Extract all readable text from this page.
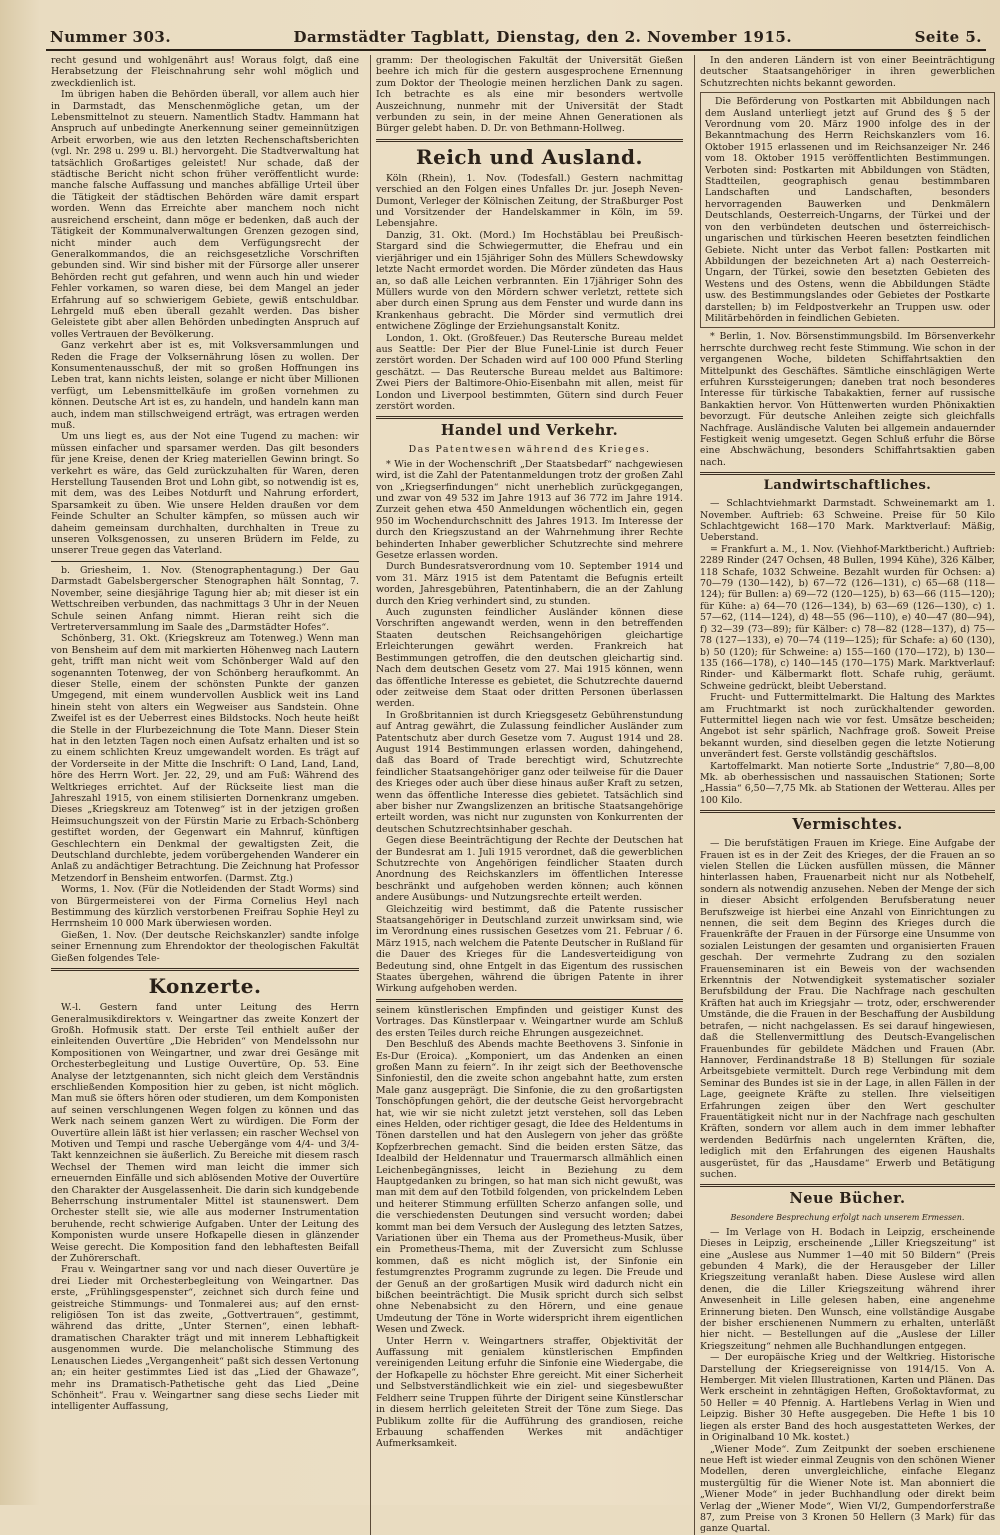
Nummer 303.	Darmstädter Tagblatt, Dienstag, den 2. November 1915.	Seite 5.

recht gesund und wohlgenährt aus! Woraus folgt, daß eine Herabsetzung der Fleischnahrung sehr wohl möglich und zweckdienlich ist.

Im übrigen haben die Behörden überall, vor allem auch hier in Darmstadt, das Menschenmögliche getan, um der Lebensmittelnot zu steuern. Namentlich Stadtv. Hammann hat Anspruch auf unbedingte Anerkennung seiner gemeinnützigen Arbeit erworben, wie aus den letzten Rechenschaftsberichten (vgl. Nr. 298 u. 299 u. Bl.) hervorgeht. Die Stadtverwaltung hat tatsächlich Großartiges geleistet! Nur schade, daß der städtische Bericht nicht schon früher veröffentlicht wurde: manche falsche Auffassung und manches abfällige Urteil über die Tätigkeit der städtischen Behörden wäre damit erspart worden. Wenn das Erreichte aber manchem noch nicht ausreichend erscheint, dann möge er bedenken, daß auch der Tätigkeit der Kommunalverwaltungen Grenzen gezogen sind, nicht minder auch dem Verfügungsrecht der Generalkommandos, die an reichsgesetzliche Vorschriften gebunden sind. Wir sind bisher mit der Fürsorge aller unserer Behörden recht gut gefahren, und wenn auch hin und wieder Fehler vorkamen, so waren diese, bei dem Mangel an jeder Erfahrung auf so schwierigem Gebiete, gewiß entschuldbar. Lehrgeld muß eben überall gezahlt werden. Das bisher Geleistete gibt aber allen Behörden unbedingten Anspruch auf volles Vertrauen der Bevölkerung.

Ganz verkehrt aber ist es, mit Volksversammlungen und Reden die Frage der Volksernährung lösen zu wollen. Der Konsumentenausschuß, der mit so großen Hoffnungen ins Leben trat, kann nichts leisten, solange er nicht über Millionen verfügt, um Lebensmittelkäufe im großen vornehmen zu können. Deutsche Art ist es, zu handeln, und handeln kann man auch, indem man stillschweigend erträgt, was ertragen werden muß.

Um uns liegt es, aus der Not eine Tugend zu machen: wir müssen einfacher und sparsamer werden. Das gilt besonders für jene Kreise, denen der Krieg materiellen Gewinn bringt. So verkehrt es wäre, das Geld zurückzuhalten für Waren, deren Herstellung Tausenden Brot und Lohn gibt, so notwendig ist es, mit dem, was des Leibes Notdurft und Nahrung erfordert, Sparsamkeit zu üben. Wie unsere Helden draußen vor dem Feinde Schulter an Schulter kämpfen, so müssen auch wir daheim gemeinsam durchhalten, durchhalten in Treue zu unseren Volksgenossen, zu unseren Brüdern im Felde, zu unserer Treue gegen das Vaterland.

b. Griesheim, 1. Nov. (Stenographentagung.) Der Gau Darmstadt Gabelsbergerscher Stenographen hält Sonntag, 7. November, seine diesjährige Tagung hier ab; mit dieser ist ein Wettschreiben verbunden, das nachmittags 3 Uhr in der Neuen Schule seinen Anfang nimmt. Hieran reiht sich die Vertreterversammlung im Saale des „Darmstädter Hofes“.

Schönberg, 31. Okt. (Kriegskreuz am Totenweg.) Wenn man von Bensheim auf dem mit markierten Höhenweg nach Lautern geht, trifft man nicht weit vom Schönberger Wald auf den sogenannten Totenweg, der von Schönberg heraufkommt. An dieser Stelle, einem der schönsten Punkte der ganzen Umgegend, mit einem wundervollen Ausblick weit ins Land hinein steht von alters ein Wegweiser aus Sandstein. Ohne Zweifel ist es der Ueberrest eines Bildstocks. Noch heute heißt die Stelle in der Flurbezeichnung die Tote Mann. Dieser Stein hat in den letzten Tagen noch einen Aufsatz erhalten und ist so zu einem schlichten Kreuz umgewandelt worden. Es trägt auf der Vorderseite in der Mitte die Inschrift: O Land, Land, Land, höre des Herrn Wort. Jer. 22, 29, und am Fuß: Während des Weltkrieges errichtet. Auf der Rückseite liest man die Jahreszahl 1915, von einem stilisierten Dornenkranz umgeben. Dieses „Kriegskreuz am Totenweg“ ist in der jetzigen großen Heimsuchungszeit von der Fürstin Marie zu Erbach-Schönberg gestiftet worden, der Gegenwart ein Mahnruf, künftigen Geschlechtern ein Denkmal der gewaltigsten Zeit, die Deutschland durchlebte, jedem vorübergehenden Wanderer ein Anlaß zu andächtiger Betrachtung. Die Zeichnung hat Professor Metzendorf in Bensheim entworfen. (Darmst. Ztg.)

Worms, 1. Nov. (Für die Notleidenden der Stadt Worms) sind von Bürgermeisterei von der Firma Cornelius Heyl nach Bestimmung des kürzlich verstorbenen Freifrau Sophie Heyl zu Herrnsheim 10 000 Mark überwiesen worden.

Gießen, 1. Nov. (Der deutsche Reichskanzler) sandte infolge seiner Ernennung zum Ehrendoktor der theologischen Fakultät Gießen folgendes Tele-

Konzerte.

W.-l. Gestern fand unter Leitung des Herrn Generalmusikdirektors v. Weingartner das zweite Konzert der Großh. Hofmusik statt. Der erste Teil enthielt außer der einleitenden Ouvertüre „Die Hebriden“ von Mendelssohn nur Kompositionen von Weingartner, und zwar drei Gesänge mit Orchesterbegleitung und Lustige Ouvertüre, Op. 53. Eine Analyse der letztgenannten, sich nicht gleich dem Verständnis erschließenden Komposition hier zu geben, ist nicht möglich. Man muß sie öfters hören oder studieren, um dem Komponisten auf seinen verschlungenen Wegen folgen zu können und das Werk nach seinem ganzen Wert zu würdigen. Die Form der Ouvertüre allein läßt ist hier verlassen; ein rascher Wechsel von Motiven und Tempi und rasche Uebergänge vom 4/4- und 3/4-Takt kennzeichnen sie äußerlich. Zu Bereiche mit diesem rasch Wechsel der Themen wird man leicht die immer sich erneuernden Einfälle und sich ablösenden Motive der Ouvertüre den Charakter der Ausgelassenheit. Die darin sich kundgebende Beherrschung instrumentaler Mittel ist staunenswert. Dem Orchester stellt sie, wie alle aus moderner Instrumentation beruhende, recht schwierige Aufgaben. Unter der Leitung des Komponisten wurde unsere Hofkapelle diesen in glänzender Weise gerecht. Die Komposition fand den lebhaftesten Beifall der Zuhörerschaft.

Frau v. Weingartner sang vor und nach dieser Ouvertüre je drei Lieder mit Orchesterbegleitung von Weingartner. Das erste, „Frühlingsgespenster“, zeichnet sich durch feine und geistreiche Stimmungs- und Tonmalerei aus; auf den ernst-religiösen Ton ist das zweite, „Gottvertrauen“, gestimmt, während das dritte, „Unter Sternen“, einen lebhaft-dramatischen Charakter trägt und mit innerem Lebhaftigkeit ausgenommen wurde. Die melancholische Stimmung des Lenauschen Liedes „Vergangenheit“ paßt sich dessen Vertonung an; ein heiter gestimmtes Lied ist das „Lied der Ghawaze“, mehr ins Dramatisch-Pathetische geht das Lied „Deine Schönheit“. Frau v. Weingartner sang diese sechs Lieder mit intelligenter Auffassung,

gramm: Der theologischen Fakultät der Universität Gießen beehre ich mich für die gestern ausgesprochene Ernennung zum Doktor der Theologie meinen herzlichen Dank zu sagen. Ich betrachte es als eine mir besonders wertvolle Auszeichnung, nunmehr mit der Universität der Stadt verbunden zu sein, in der meine Ahnen Generationen als Bürger gelebt haben. D. Dr. von Bethmann-Hollweg.

Reich und Ausland.

Köln (Rhein), 1. Nov. (Todesfall.) Gestern nachmittag verschied an den Folgen eines Unfalles Dr. jur. Joseph Neven-Dumont, Verleger der Kölnischen Zeitung, der Straßburger Post und Vorsitzender der Handelskammer in Köln, im 59. Lebensjahre.

Danzig, 31. Okt. (Mord.) Im Hochstäblau bei Preußisch-Stargard sind die Schwiegermutter, die Ehefrau und ein vierjähriger und ein 15jähriger Sohn des Müllers Schewdowsky letzte Nacht ermordet worden. Die Mörder zündeten das Haus an, so daß alle Leichen verbrannten. Ein 17jähriger Sohn des Müllers wurde von den Mördern schwer verletzt, rettete sich aber durch einen Sprung aus dem Fenster und wurde dann ins Krankenhaus gebracht. Die Mörder sind vermutlich drei entwichene Zöglinge der Erziehungsanstalt Konitz.

London, 1. Okt. (Großfeuer.) Das Reutersche Bureau meldet aus Seattle: Der Pier der Blue Funel-Linie ist durch Feuer zerstört worden. Der Schaden wird auf 100 000 Pfund Sterling geschätzt. — Das Reutersche Bureau meldet aus Baltimore: Zwei Piers der Baltimore-Ohio-Eisenbahn mit allen, meist für London und Liverpool bestimmten, Gütern sind durch Feuer zerstört worden.

Handel und Verkehr.
Das Patentwesen während des Krieges.

* Wie in der Wochenschrift „Der Staatsbedarf“ nachgewiesen wird, ist die Zahl der Patentanmeldungen trotz der großen Zahl von „Kriegserfindungen“ nicht unerheblich zurückgegangen, und zwar von 49 532 im Jahre 1913 auf 36 772 im Jahre 1914. Zurzeit gehen etwa 450 Anmeldungen wöchentlich ein, gegen 950 im Wochendurchschnitt des Jahres 1913. Im Interesse der durch den Kriegszustand an der Wahrnehmung ihrer Rechte behinderten Inhaber gewerblicher Schutzrechte sind mehrere Gesetze erlassen worden.

Durch Bundesratsverordnung vom 10. September 1914 und vom 31. März 1915 ist dem Patentamt die Befugnis erteilt worden, Jahresgebühren, Patentinhabern, die an der Zahlung durch den Krieg verhindert sind, zu stunden.

Auch zugunsten feindlicher Ausländer können diese Vorschriften angewandt werden, wenn in den betreffenden Staaten deutschen Reichsangehörigen gleichartige Erleichterungen gewährt werden. Frankreich hat Bestimmungen getroffen, die den deutschen gleichartig sind. Nach dem deutschen Gesetz vom 27. Mai 1915 können, wenn das öffentliche Interesse es gebietet, die Schutzrechte dauernd oder zeitweise dem Staat oder dritten Personen überlassen werden.

In Großbritannien ist durch Kriegsgesetz Gebührenstundung auf Antrag gewährt, die Zulassung feindlicher Ausländer zum Patentschutz aber durch Gesetze vom 7. August 1914 und 28. August 1914 Bestimmungen erlassen worden, dahingehend, daß das Board of Trade berechtigt wird, Schutzrechte feindlicher Staatsangehöriger ganz oder teilweise für die Dauer des Krieges oder auch über diese hinaus außer Kraft zu setzen, wenn das öffentliche Interesse dies gebietet. Tatsächlich sind aber bisher nur Zwangslizenzen an britische Staatsangehörige erteilt worden, was nicht nur zugunsten von Konkurrenten der deutschen Schutzrechtsinhaber geschah.

Gegen diese Beeinträchtigung der Rechte der Deutschen hat der Bundesrat am 1. Juli 1915 verordnet, daß die gewerblichen Schutzrechte von Angehörigen feindlicher Staaten durch Anordnung des Reichskanzlers im öffentlichen Interesse beschränkt und aufgehoben werden können; auch können andere Ausübungs- und Nutzungsrechte erteilt werden.

Gleichzeitig wird bestimmt, daß die Patente russischer Staatsangehöriger in Deutschland zurzeit unwirksam sind, wie im Verordnung eines russischen Gesetzes vom 21. Februar / 6. März 1915, nach welchem die Patente Deutscher in Rußland für die Dauer des Krieges für die Landesverteidigung von Bedeutung sind, ohne Entgelt in das Eigentum des russischen Staates übergehen, während die übrigen Patente in ihrer Wirkung aufgehoben werden.

seinem künstlerischen Empfinden und geistiger Kunst des Vortrages. Das Künstlerpaar v. Weingartner wurde am Schluß des ersten Teiles durch reiche Ehrungen ausgezeichnet.

Den Beschluß des Abends machte Beethovens 3. Sinfonie in Es-Dur (Eroica). „Komponiert, um das Andenken an einen großen Mann zu feiern“. In ihr zeigt sich der Beethovensche Sinfoniestil, den die zweite schon angebahnt hatte, zum ersten Male ganz ausgeprägt. Die Sinfonie, die zu den großartigsten Tonschöpfungen gehört, die der deutsche Geist hervorgebracht hat, wie wir sie nicht zuletzt jetzt verstehen, soll das Leben eines Helden, oder richtiger gesagt, die Idee des Heldentums in Tönen darstellen und hat den Auslegern von jeher das größte Kopfzerbrechen gemacht. Sind die beiden ersten Sätze, das Idealbild der Heldennatur und Trauermarsch allmählich einen Leichenbegängnisses, leicht in Beziehung zu dem Hauptgedanken zu bringen, so hat man sich nicht gewußt, was man mit dem auf den Totbild folgenden, von prickelndem Leben und heiterer Stimmung erfüllten Scherzo anfangen solle, und die verschiedensten Deutungen sind versucht worden; dabei kommt man bei dem Versuch der Auslegung des letzten Satzes, Variationen über ein Thema aus der Prometheus-Musik, über ein Prometheus-Thema, mit der Zuversicht zum Schlusse kommen, daß es nicht möglich ist, der Sinfonie ein festumgrenztes Programm zugrunde zu legen. Die Freude und der Genuß an der großartigen Musik wird dadurch nicht ein bißchen beeinträchtigt. Die Musik spricht durch sich selbst ohne Nebenabsicht zu den Hörern, und eine genaue Umdeutung der Töne in Worte widerspricht ihrem eigentlichen Wesen und Zweck.

Unter Herrn v. Weingartners straffer, Objektivität der Auffassung mit genialem künstlerischen Empfinden vereinigenden Leitung erfuhr die Sinfonie eine Wiedergabe, die der Hofkapelle zu höchster Ehre gereicht. Mit einer Sicherheit und Selbstverständlichkeit wie ein ziel- und siegesbewußter Feldherr seine Truppen führte der Dirigent seine Künstlerschar in diesem herrlich geleiteten Streit der Töne zum Siege. Das Publikum zollte für die Aufführung des grandiosen, reiche Erbauung schaffenden Werkes mit andächtiger Aufmerksamkeit.

In den anderen Ländern ist von einer Beeinträchtigung deutscher Staatsangehöriger in ihren gewerblichen Schutzrechten nichts bekannt geworden.

Die Beförderung von Postkarten mit Abbildungen nach dem Ausland unterliegt jetzt auf Grund des § 5 der Verordnung vom 20. März 1900 infolge des in der Bekanntmachung des Herrn Reichskanzlers vom 16. Oktober 1915 erlassenen und im Reichsanzeiger Nr. 246 vom 18. Oktober 1915 veröffentlichten Bestimmungen. Verboten sind: Postkarten mit Abbildungen von Städten, Stadtteilen, geographisch genau bestimmbaren Landschaften und Landschaften, besonders hervorragenden Bauwerken und Denkmälern Deutschlands, Oesterreich-Ungarns, der Türkei und der von den verbündeten deutschen und österreichisch-ungarischen und türkischen Heeren besetzten feindlichen Gebiete. Nicht unter das Verbot fallen: Postkarten mit Abbildungen der bezeichneten Art a) nach Oesterreich-Ungarn, der Türkei, sowie den besetzten Gebieten des Westens und des Ostens, wenn die Abbildungen Städte usw. des Bestimmungslandes oder Gebietes der Postkarte darstellen; b) im Feldpostverkehr an Truppen usw. oder Militärbehörden in feindlichen Gebieten.

* Berlin, 1. Nov. Börsenstimmungsbild. Im Börsenverkehr herrschte durchweg recht feste Stimmung. Wie schon in der vergangenen Woche, bildeten Schiffahrtsaktien den Mittelpunkt des Geschäftes. Sämtliche einschlägigen Werte erfuhren Kurssteigerungen; daneben trat noch besonderes Interesse für türkische Tabakaktien, ferner auf russische Bankaktien hervor. Von Hüttenwerten wurden Phönixaktien bevorzugt. Für deutsche Anleihen zeigte sich gleichfalls Nachfrage. Ausländische Valuten bei allgemein andauernder Festigkeit wenig umgesetzt. Gegen Schluß erfuhr die Börse eine Abschwächung, besonders Schiffahrtsaktien gaben nach.

Landwirtschaftliches.

— Schlachtviehmarkt Darmstadt. Schweinemarkt am 1. November. Auftrieb: 63 Schweine. Preise für 50 Kilo Schlachtgewicht 168—170 Mark. Marktverlauf: Mäßig, Ueberstand.

= Frankfurt a. M., 1. Nov. (Viehhof-Marktbericht.) Auftrieb: 2289 Rinder (247 Ochsen, 48 Bullen, 1994 Kühe), 326 Kälber, 118 Schafe, 1032 Schweine. Bezahlt wurden für Ochsen: a) 70—79 (130—142), b) 67—72 (126—131), c) 65—68 (118—124); für Bullen: a) 69—72 (120—125), b) 63—66 (115—120); für Kühe: a) 64—70 (126—134), b) 63—69 (126—130), c) 1. 57—62, (114—124), d) 48—55 (96—110), e) 40—47 (80—94), f) 32—39 (73—89); für Kälber: c) 78—82 (128—137), d) 75—78 (127—133), e) 70—74 (119—125); für Schafe: a) 60 (130), b) 50 (120); für Schweine: a) 155—160 (170—172), b) 130—135 (166—178), c) 140—145 (170—175) Mark. Marktverlauf: Rinder- und Kälbermarkt flott. Schafe ruhig, geräumt. Schweine gedrückt, bleibt Ueberstand.

Frucht- und Futtermittelmarkt. Die Haltung des Marktes am Fruchtmarkt ist noch zurückhaltender geworden. Futtermittel liegen nach wie vor fest. Umsätze bescheiden; Angebot ist sehr spärlich, Nachfrage groß. Soweit Preise bekannt wurden, sind dieselben gegen die letzte Notierung unverändert fest. Gerste vollständig geschäftslos.

Kartoffelmarkt. Man notierte Sorte „Industrie“ 7,80—8,00 Mk. ab oberhessischen und nassauischen Stationen; Sorte „Hassia“ 6,50—7,75 Mk. ab Stationen der Wetterau. Alles per 100 Kilo.

Vermischtes.

— Die berufstätigen Frauen im Kriege. Eine Aufgabe der Frauen ist es in der Zeit des Krieges, der die Frauen an so vielen Stellen die Lücken ausfüllen müssen, die Männer hinterlassen haben, Frauenarbeit nicht nur als Notbehelf, sondern als notwendig anzusehen. Neben der Menge der sich in dieser Absicht erfolgenden Berufsberatung neuer Berufszweige ist hierbei eine Anzahl von Einrichtungen zu nennen, die seit dem Beginn des Krieges durch die Frauenkräfte der Frauen in der Fürsorge eine Unsumme von sozialen Leistungen der gesamten und organisierten Frauen geschah. Der vermehrte Zudrang zu den sozialen Frauenseminaren ist ein Beweis von der wachsenden Erkenntnis der Notwendigkeit systematischer sozialer Berufsbildung der Frau. Die Nachfrage nach geschulten Kräften hat auch im Kriegsjahr — trotz, oder, erschwerender Umstände, die die Frauen in der Beschaffung der Ausbildung betrafen, — nicht nachgelassen. Es sei darauf hingewiesen, daß die Stellenvermittlung des Deutsch-Evangelischen Frauenbundes für gebildete Mädchen und Frauen (Abr. Hannover, Ferdinandstraße 18 B) Stellungen für soziale Arbeitsgebiete vermittelt. Durch rege Verbindung mit dem Seminar des Bundes ist sie in der Lage, in allen Fällen in der Lage, geeignete Kräfte zu stellen. Ihre vielseitigen Erfahrungen zeigen über den Wert geschulter Frauentätigkeit nicht nur in der Nachfrage nach geschulten Kräften, sondern vor allem auch in dem immer lebhafter werdenden Bedürfnis nach ungelernten Kräften, die, lediglich mit den Erfahrungen des eigenen Haushalts ausgerüstet, für das „Hausdame“ Erwerb und Betätigung suchen.

Neue Bücher.
Besondere Besprechung erfolgt nach unserem Ermessen.

— Im Verlage von H. Bodach in Leipzig, erscheinende Dieses in Leipzig, erscheinende „Liller Kriegszeitung“ ist eine „Auslese aus Nummer 1—40 mit 50 Bildern“ (Preis gebunden 4 Mark), die der Herausgeber der Liller Kriegszeitung veranlaßt haben. Diese Auslese wird allen denen, die die Liller Kriegszeitung während ihrer Anwesenheit in Lille gelesen haben, eine angenehme Erinnerung bieten. Den Wunsch, eine vollständige Ausgabe der bisher erschienenen Nummern zu erhalten, unterläßt hier nicht. — Bestellungen auf die „Auslese der Liller Kriegszeitung“ nehmen alle Buchhandlungen entgegen.

— Der europäische Krieg und der Weltkrieg. Historische Darstellung der Kriegsereignisse von 1914/15. Von A. Hemberger. Mit vielen Illustrationen, Karten und Plänen. Das Werk erscheint in zehntägigen Heften, Großoktavformat, zu 50 Heller = 40 Pfennig. A. Hartlebens Verlag in Wien und Leipzig. Bisher 30 Hefte ausgegeben. Die Hefte 1 bis 10 liegen als erster Band des hoch ausgestatteten Werkes, der in Originalband 10 Mk. kostet.)

„Wiener Mode“. Zum Zeitpunkt der soeben erschienene neue Heft ist wieder einmal Zeugnis von den schönen Wiener Modellen, deren unvergleichliche, einfache Eleganz mustergültig für die Wiener Note ist. Man abonniert die „Wiener Mode“ in jeder Buchhandlung oder direkt beim Verlag der „Wiener Mode“, Wien VI/2, Gumpendorferstraße 87, zum Preise von 3 Kronen 50 Hellern (3 Mark) für das ganze Quartal.
